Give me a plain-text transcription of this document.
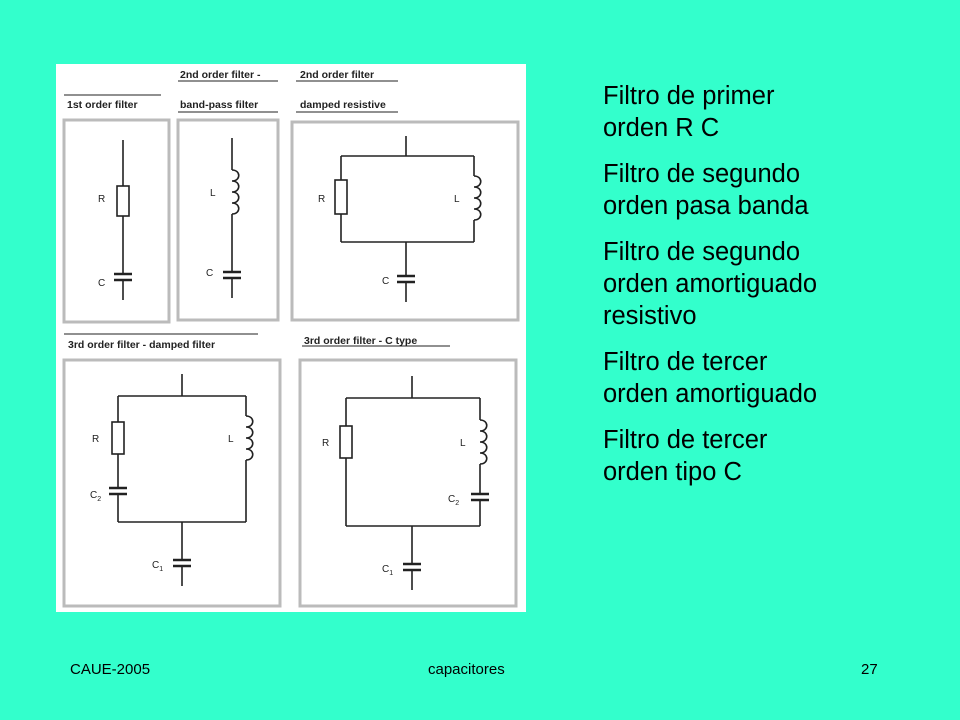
1st order filter
2nd order filter -
band-pass filter
2nd order filter
damped resistive
3rd order filter - damped filter	3rd order filter - C type
R
C
L
C
R	L
C
R	L
$C_2$
$C_1$
R	L
$C_2$
$C_1$

Filtro de primer
orden R C

Filtro de segundo
orden pasa banda

Filtro de segundo
orden amortiguado
resistivo

Filtro de tercer
orden amortiguado

Filtro de tercer
orden tipo C

CAUE-2005	capacitores	27
